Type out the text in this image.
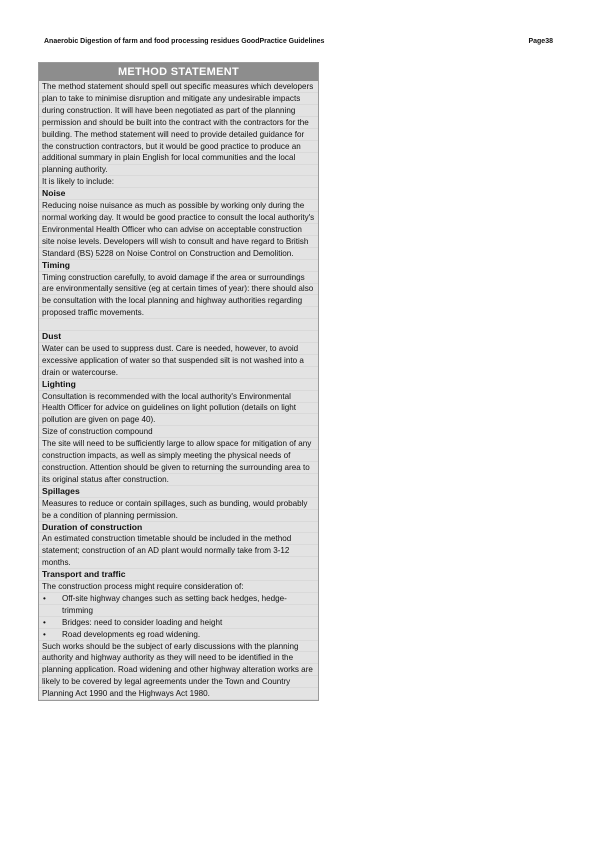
Anaerobic Digestion of farm and food processing residues GoodPractice Guidelines	Page38
METHOD STATEMENT

The method statement should spell out specific measures which developers plan to take to minimise disruption and mitigate any undesirable impacts during construction. It will have been negotiated as part of the planning permission and should be built into the contract with the contractors for the building. The method statement will need to provide detailed guidance for the construction contractors, but it would be good practice to produce an additional summary in plain English for local communities and the local planning authority.

It is likely to include:

Noise

Reducing noise nuisance as much as possible by working only during the normal working day. It would be good practice to consult the local authority's Environmental Health Officer who can advise on acceptable construction site noise levels. Developers will wish to consult and have regard to British Standard (BS) 5228 on Noise Control on Construction and Demolition.

Timing

Timing construction carefully, to avoid damage if the area or surroundings are environmentally sensitive (eg at certain times of year): there should also be consultation with the local planning and highway authorities regarding proposed traffic movements.

Dust

Water can be used to suppress dust. Care is needed, however, to avoid excessive application of water so that suspended silt is not washed into a drain or watercourse.

Lighting

Consultation is recommended with the local authority's Environmental Health Officer for advice on guidelines on light pollution (details on light pollution are given on page 40).

Size of construction compound

The site will need to be sufficiently large to allow space for mitigation of any construction impacts, as well as simply meeting the physical needs of construction. Attention should be given to returning the surrounding area to its original status after construction.

Spillages

Measures to reduce or contain spillages, such as bunding, would probably be a condition of planning permission.

Duration of construction

An estimated construction timetable should be included in the method statement; construction of an AD plant would normally take from 3-12 months.

Transport and traffic

The construction process might require consideration of:

• Off-site highway changes such as setting back hedges, hedge-trimming
• Bridges: need to consider loading and height
• Road developments eg road widening.

Such works should be the subject of early discussions with the planning authority and highway authority as they will need to be identified in the planning application. Road widening and other highway alteration works are likely to be covered by legal agreements under the Town and Country Planning Act 1990 and the Highways Act 1980.
